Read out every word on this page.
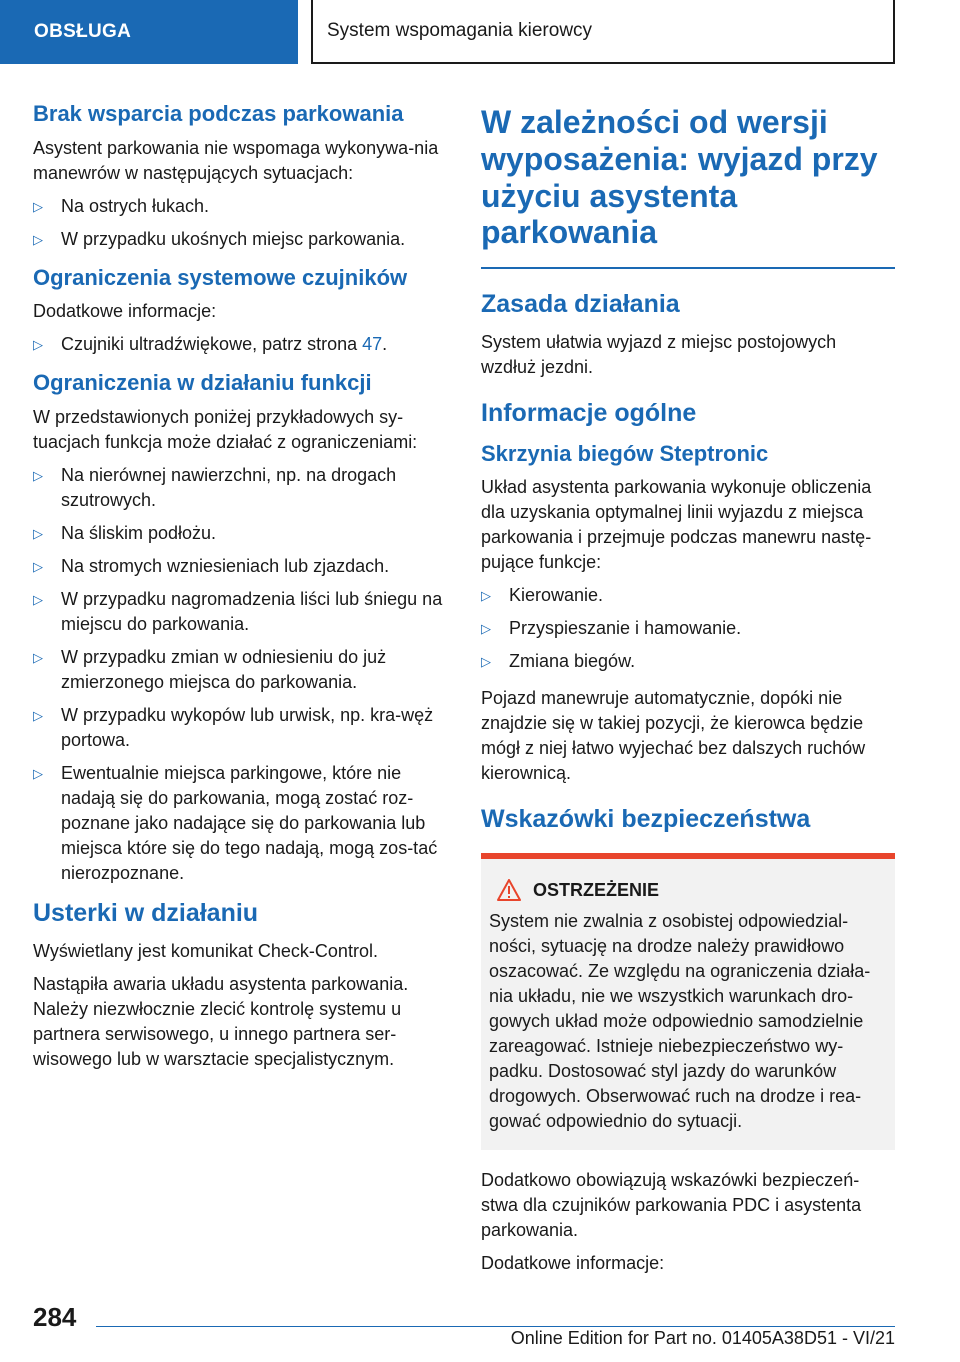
OBSŁUGA	System wspomagania kierowcy
Brak wsparcia podczas parkowania

Asystent parkowania nie wspomaga wykonywa-nia manewrów w następujących sytuacjach:

▷ Na ostrych łukach.
▷ W przypadku ukośnych miejsc parkowania.
Ograniczenia systemowe czujników

Dodatkowe informacje:

▷ Czujniki ultradźwiękowe, patrz strona 47.
Ograniczenia w działaniu funkcji

W przedstawionych poniżej przykładowych sy-tuacjach funkcja może działać z ograniczeniami:

▷ Na nierównej nawierzchni, np. na drogach szutrowych.
▷ Na śliskim podłożu.
▷ Na stromych wzniesieniach lub zjazdach.
▷ W przypadku nagromadzenia liści lub śniegu na miejscu do parkowania.
▷ W przypadku zmian w odniesieniu do już zmierzonego miejsca do parkowania.
▷ W przypadku wykopów lub urwisk, np. kra-węż portowa.
▷ Ewentualnie miejsca parkingowe, które nie nadają się do parkowania, mogą zostać roz-poznane jako nadające się do parkowania lub miejsca które się do tego nadają, mogą zos-tać nierozpoznane.
Usterki w działaniu

Wyświetlany jest komunikat Check-Control.

Nastąpiła awaria układu asystenta parkowania. Należy niezwłocznie zlecić kontrolę systemu u partnera serwisowego, u innego partnera ser-wisowego lub w warsztacie specjalistycznym.

W zależności od wersji wyposażenia: wyjazd przy użyciu asystenta parkowania
Zasada działania

System ułatwia wyjazd z miejsc postojowych wzdłuż jezdni.

Informacje ogólne
Skrzynia biegów Steptronic

Układ asystenta parkowania wykonuje obliczenia dla uzyskania optymalnej linii wyjazdu z miejsca parkowania i przejmuje podczas manewru nastę-pujące funkcje:

▷ Kierowanie.
▷ Przyspieszanie i hamowanie.
▷ Zmiana biegów.

Pojazd manewruje automatycznie, dopóki nie znajdzie się w takiej pozycji, że kierowca będzie mógł z niej łatwo wyjechać bez dalszych ruchów kierownicą.

Wskazówki bezpieczeństwa
OSTRZEŻENIE

System nie zwalnia z osobistej odpowiedzial-ności, sytuację na drodze należy prawidłowo oszacować. Ze względu na ograniczenia działa-nia układu, nie we wszystkich warunkach dro-gowych układ może odpowiednio samodzielnie zareagować. Istnieje niebezpieczeństwo wy-padku. Dostosować styl jazdy do warunków drogowych. Obserwować ruch na drodze i rea-gować odpowiednio do sytuacji.

Dodatkowo obowiązują wskazówki bezpieczeń-stwa dla czujników parkowania PDC i asystenta parkowania.

Dodatkowe informacje:

284
Online Edition for Part no. 01405A38D51 - VI/21
